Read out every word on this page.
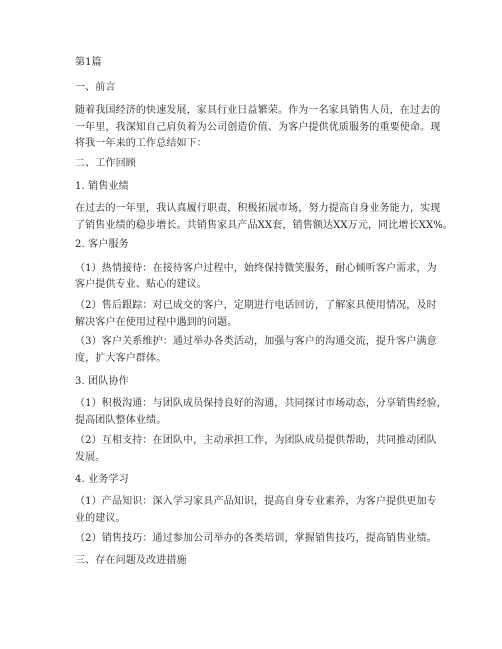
第1篇
一、前言
随着我国经济的快速发展，家具行业日益繁荣。作为一名家具销售人员，在过去的
一年里，我深知自己肩负着为公司创造价值、为客户提供优质服务的重要使命。现
将我一年来的工作总结如下：
二、工作回顾
1. 销售业绩
在过去的一年里，我认真履行职责，积极拓展市场，努力提高自身业务能力，实现
了销售业绩的稳步增长。共销售家具产品XX套，销售额达XX万元，同比增长XX%。
2. 客户服务
（1）热情接待：在接待客户过程中，始终保持微笑服务，耐心倾听客户需求，为
客户提供专业、贴心的建议。
（2）售后跟踪：对已成交的客户，定期进行电话回访，了解家具使用情况，及时
解决客户在使用过程中遇到的问题。
（3）客户关系维护：通过举办各类活动，加强与客户的沟通交流，提升客户满意
度，扩大客户群体。
3. 团队协作
（1）积极沟通：与团队成员保持良好的沟通，共同探讨市场动态，分享销售经验，
提高团队整体业绩。
（2）互相支持：在团队中，主动承担工作，为团队成员提供帮助，共同推动团队
发展。
4. 业务学习
（1）产品知识：深入学习家具产品知识，提高自身专业素养，为客户提供更加专
业的建议。
（2）销售技巧：通过参加公司举办的各类培训，掌握销售技巧，提高销售业绩。
三、存在问题及改进措施
